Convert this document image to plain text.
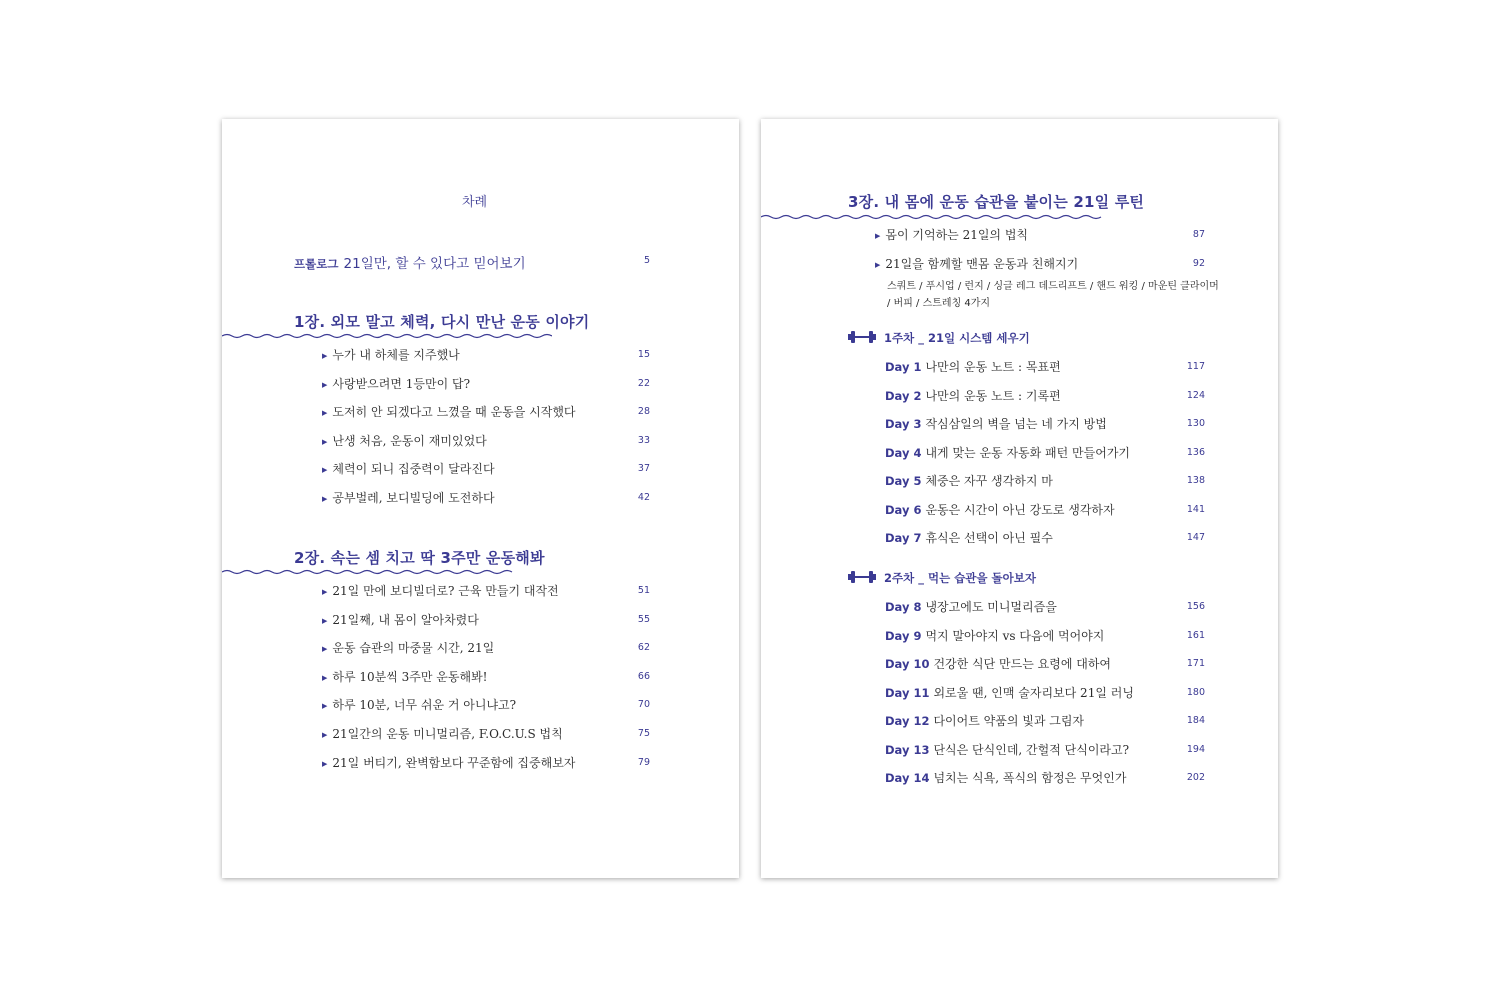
차례
프롤로그 21일만, 할 수 있다고 믿어보기	5
1장. 외모 말고 체력, 다시 만난 운동 이야기
2장. 속는 셈 치고 딱 3주만 운동해봐
▶ 누가 내 하체를 지주했나	15
▶ 사랑받으려면 1등만이 답?	22
▶ 도저히 안 되겠다고 느꼈을 때 운동을 시작했다	28
▶ 난생 처음, 운동이 재미있었다	33
▶ 체력이 되니 집중력이 달라진다	37
▶ 공부벌레, 보디빌딩에 도전하다	42
▶ 21일 만에 보디빌더로? 근육 만들기 대작전	51
▶ 21일째, 내 몸이 알아차렸다	55
▶ 운동 습관의 마중물 시간, 21일	62
▶ 하루 10분씩 3주만 운동해봐!	66
▶ 하루 10분, 너무 쉬운 거 아니냐고?	70
▶ 21일간의 운동 미니멀리즘, F.O.C.U.S 법칙	75
▶ 21일 버티기, 완벽함보다 꾸준함에 집중해보자	79
3장. 내 몸에 운동 습관을 붙이는 21일 루틴
스쿼트 / 푸시업 / 런지 / 싱글 레그 데드리프트 / 핸드 워킹 / 마운틴 클라이머
/ 버피 / 스트레칭 4가지
1주차 _ 21일 시스템 세우기
2주차 _ 먹는 습관을 돌아보자
▶ 몸이 기억하는 21일의 법칙	87
▶ 21일을 함께할 맨몸 운동과 친해지기	92
Day 1 나만의 운동 노트 : 목표편	117
Day 2 나만의 운동 노트 : 기록편	124
Day 3 작심삼일의 벽을 넘는 네 가지 방법	130
Day 4 내게 맞는 운동 자동화 패턴 만들어가기	136
Day 5 체중은 자꾸 생각하지 마	138
Day 6 운동은 시간이 아닌 강도로 생각하자	141
Day 7 휴식은 선택이 아닌 필수	147
Day 8 냉장고에도 미니멀리즘을	156
Day 9 먹지 말아야지 vs 다음에 먹어야지	161
Day 10 건강한 식단 만드는 요령에 대하여	171
Day 11 외로울 땐, 인맥 술자리보다 21일 러닝	180
Day 12 다이어트 약품의 빛과 그림자	184
Day 13 단식은 단식인데, 간헐적 단식이라고?	194
Day 14 넘치는 식욕, 폭식의 함정은 무엇인가	202
